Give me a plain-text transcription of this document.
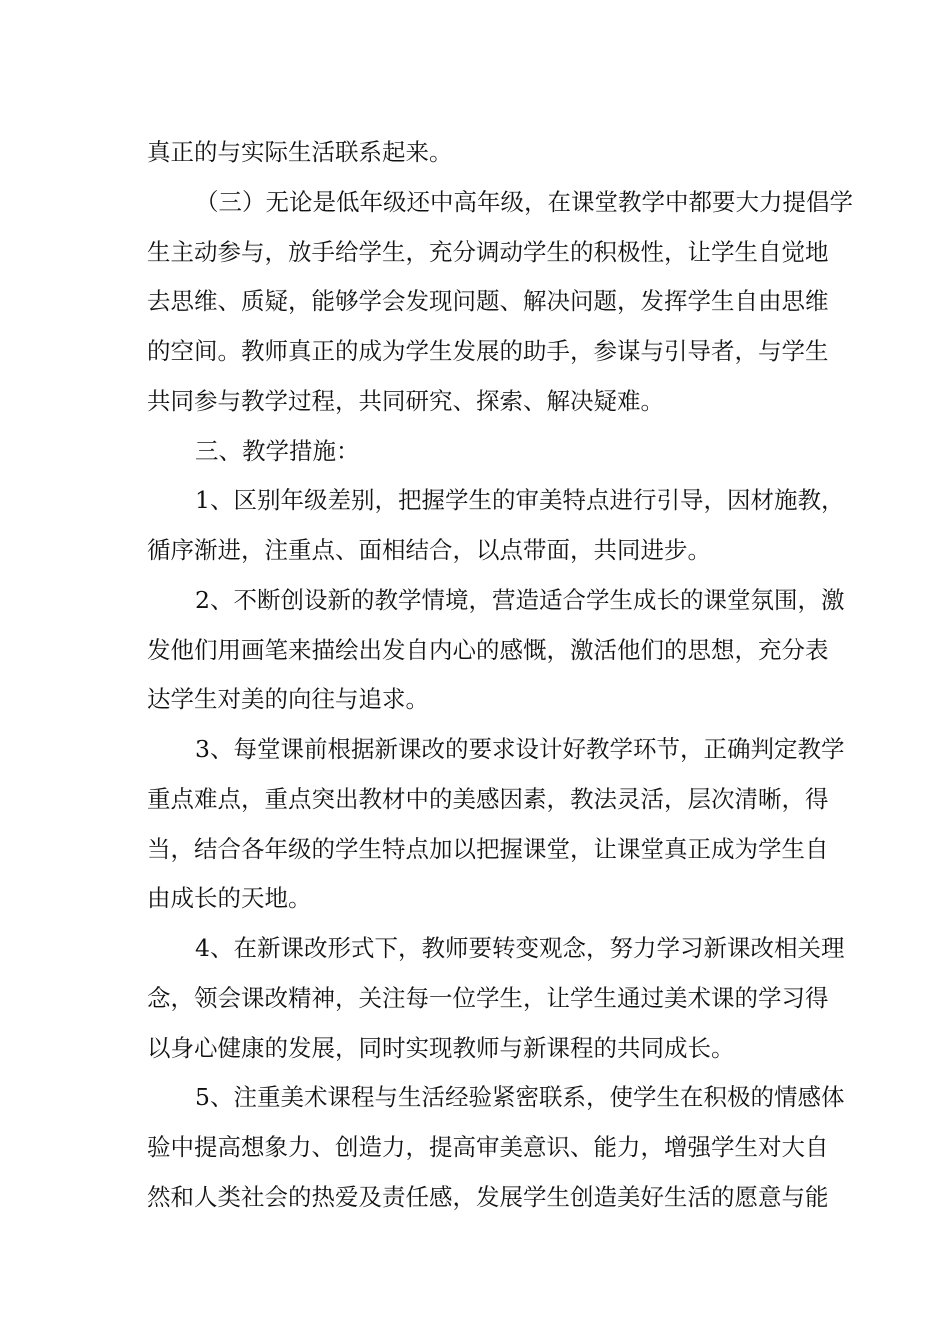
真正的与实际生活联系起来。
（三）无论是低年级还中高年级，在课堂教学中都要大力提倡学
生主动参与，放手给学生，充分调动学生的积极性，让学生自觉地
去思维、质疑，能够学会发现问题、解决问题，发挥学生自由思维
的空间。教师真正的成为学生发展的助手，参谋与引导者，与学生
共同参与教学过程，共同研究、探索、解决疑难。
三、教学措施：
1、区别年级差别，把握学生的审美特点进行引导，因材施教，
循序渐进，注重点、面相结合，以点带面，共同进步。
2、不断创设新的教学情境，营造适合学生成长的课堂氛围，激
发他们用画笔来描绘出发自内心的感慨，激活他们的思想，充分表
达学生对美的向往与追求。
3、每堂课前根据新课改的要求设计好教学环节，正确判定教学
重点难点，重点突出教材中的美感因素，教法灵活，层次清晰，得
当，结合各年级的学生特点加以把握课堂，让课堂真正成为学生自
由成长的天地。
4、在新课改形式下，教师要转变观念，努力学习新课改相关理
念，领会课改精神，关注每一位学生，让学生通过美术课的学习得
以身心健康的发展，同时实现教师与新课程的共同成长。
5、注重美术课程与生活经验紧密联系，使学生在积极的情感体
验中提高想象力、创造力，提高审美意识、能力，增强学生对大自
然和人类社会的热爱及责任感，发展学生创造美好生活的愿意与能
